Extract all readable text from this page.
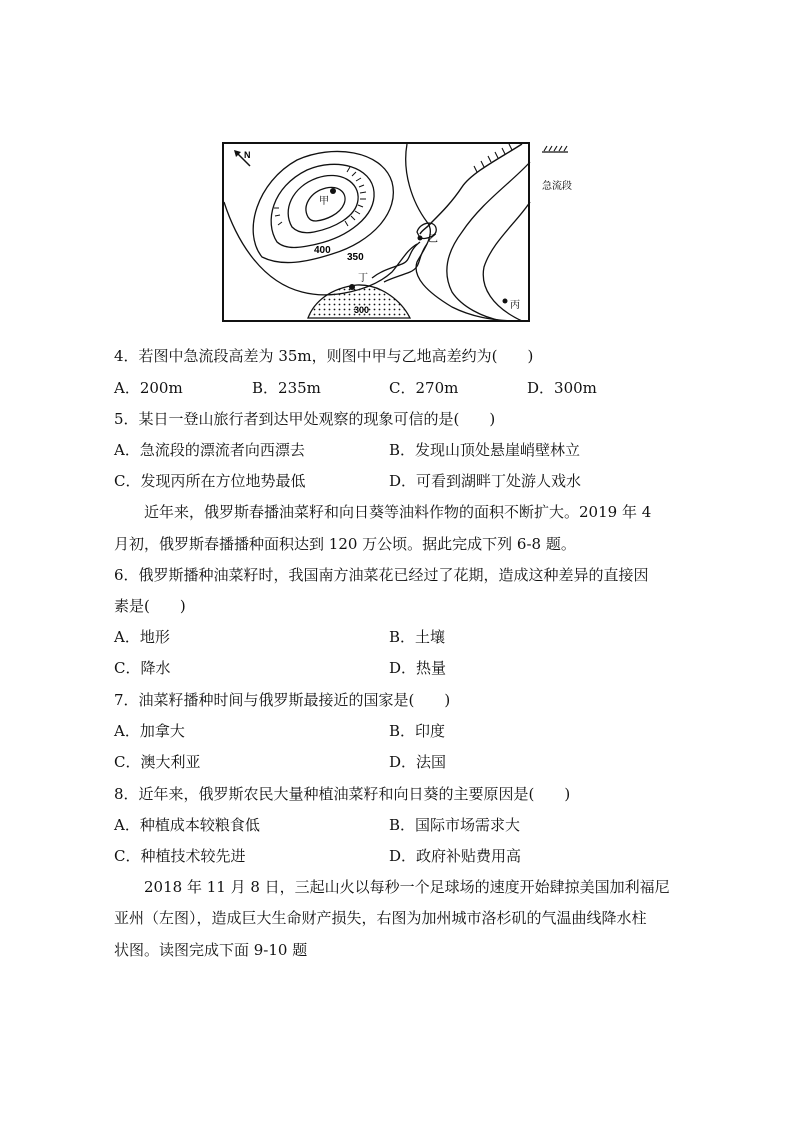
N
300
400
350
甲
乙
丁
丙
急流段
4．若图中急流段高差为 35m，则图中甲与乙地高差约为(　　)
A．200m	B．235m	C．270m	D．300m
5．某日一登山旅行者到达甲处观察的现象可信的是(　　)
A．急流段的漂流者向西漂去	B．发现山顶处悬崖峭壁林立
C．发现丙所在方位地势最低	D．可看到湖畔丁处游人戏水
近年来，俄罗斯春播油菜籽和向日葵等油料作物的面积不断扩大。2019 年 4
月初，俄罗斯春播播种面积达到 120 万公顷。据此完成下列 6-8 题。
6．俄罗斯播种油菜籽时，我国南方油菜花已经过了花期，造成这种差异的直接因
素是(　　)
A．地形	B．土壤
C．降水	D．热量
7．油菜籽播种时间与俄罗斯最接近的国家是(　　)
A．加拿大	B．印度
C．澳大利亚	D．法国
8．近年来，俄罗斯农民大量种植油菜籽和向日葵的主要原因是(　　)
A．种植成本较粮食低	B．国际市场需求大
C．种植技术较先进	D．政府补贴费用高
2018 年 11 月 8 日，三起山火以每秒一个足球场的速度开始肆掠美国加利福尼
亚州（左图），造成巨大生命财产损失，右图为加州城市洛杉矶的气温曲线降水柱
状图。读图完成下面 9-10 题
